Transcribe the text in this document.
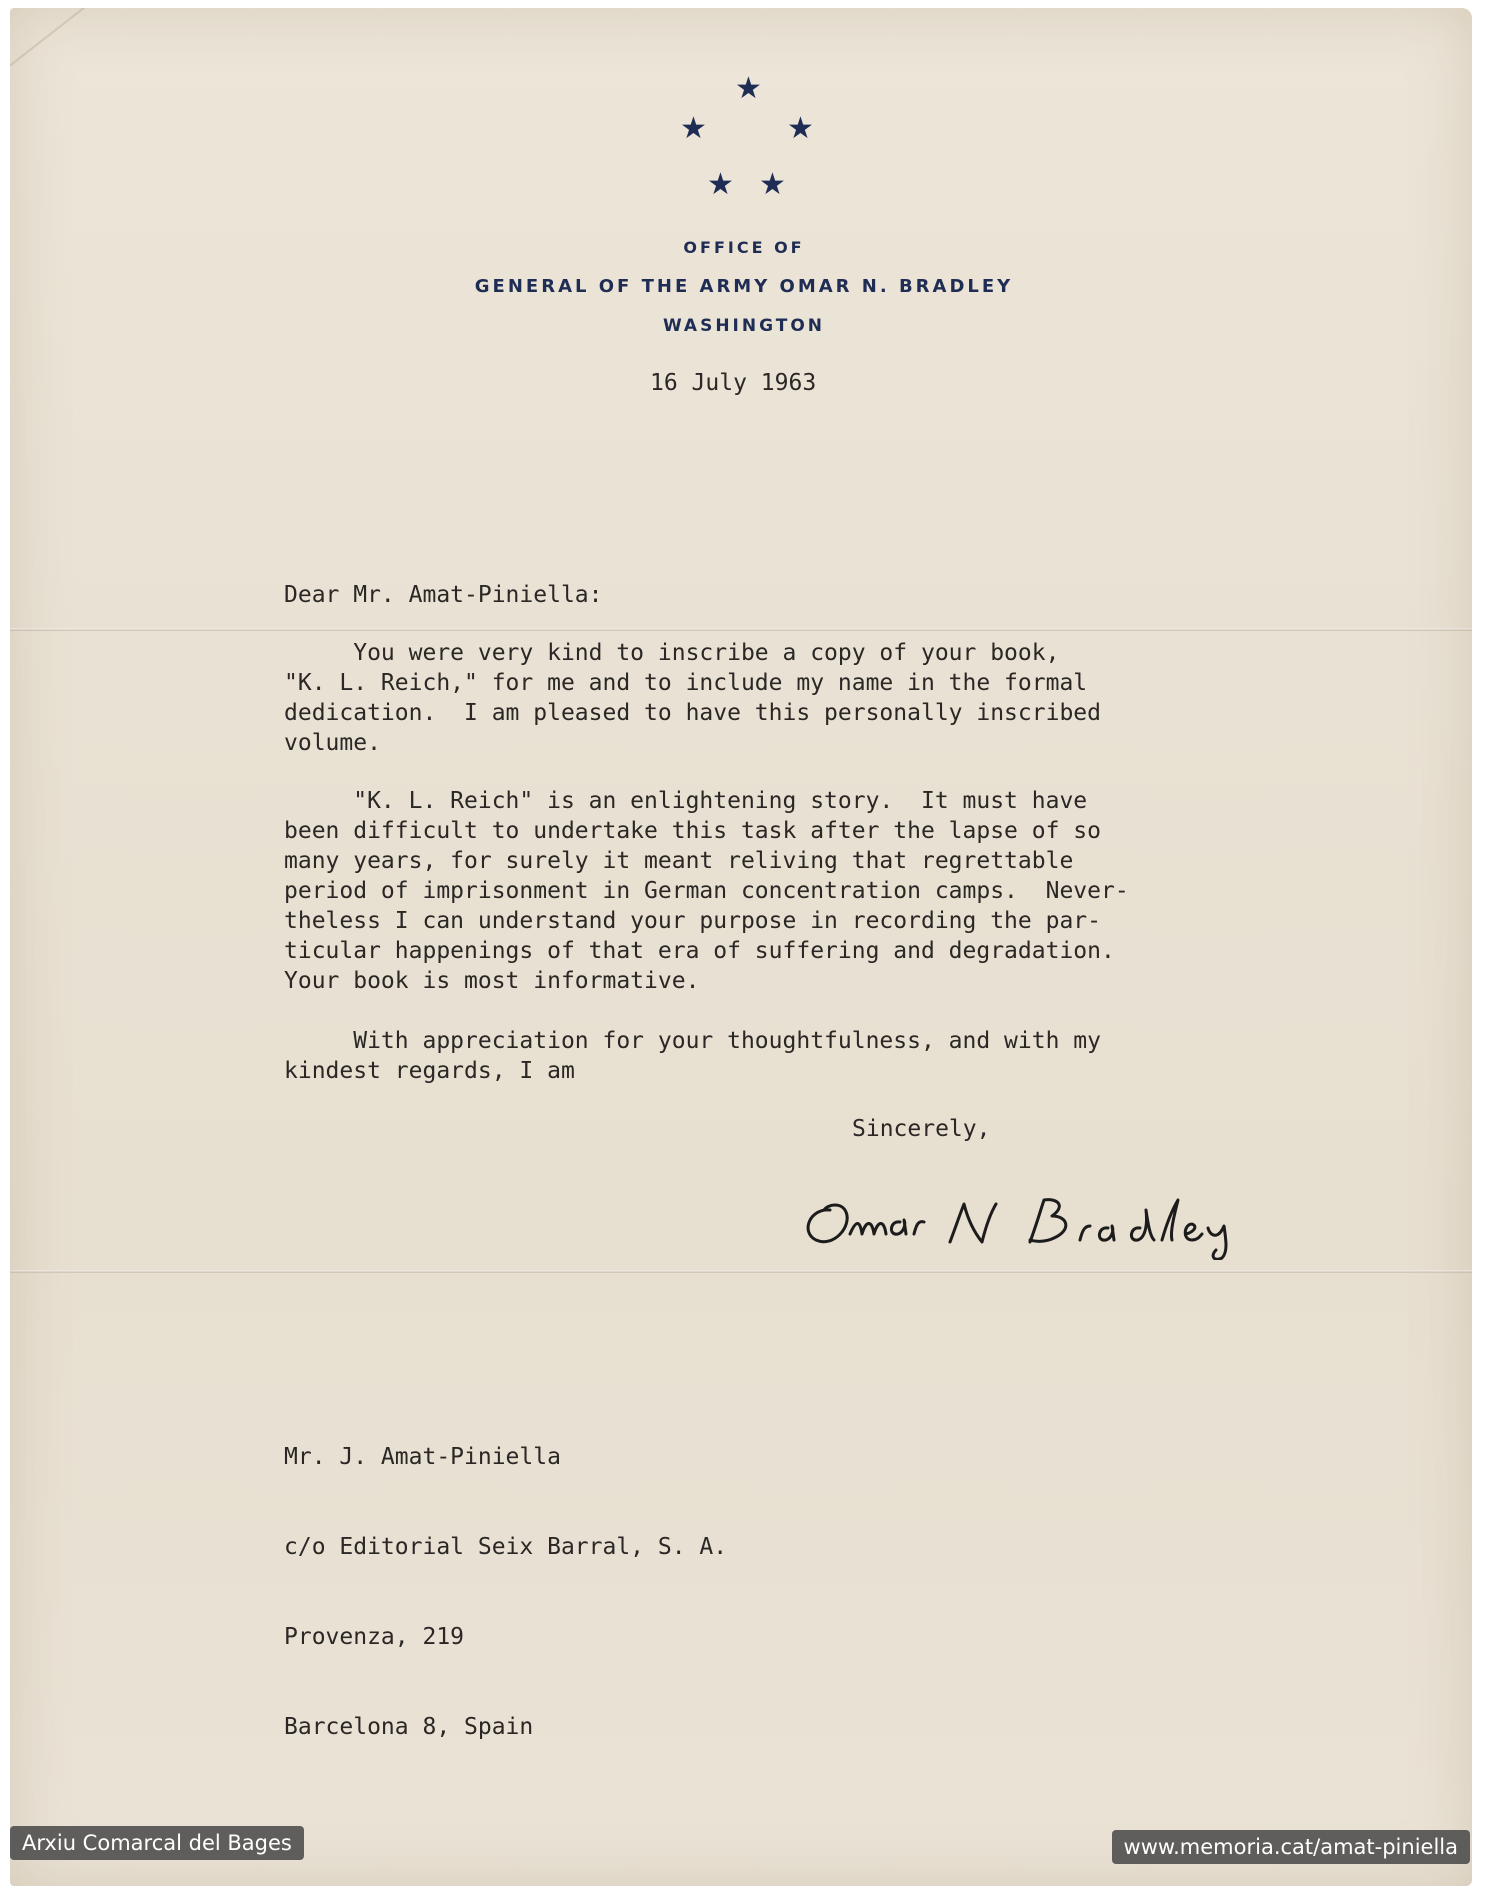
★
★	★
★ ★
OFFICE OF
GENERAL OF THE ARMY OMAR N. BRADLEY
WASHINGTON
16 July 1963
Dear Mr. Amat-Piniella:
You were very kind to inscribe a copy of your book,
"K. L. Reich," for me and to include my name in the formal
dedication.  I am pleased to have this personally inscribed
volume.
"K. L. Reich" is an enlightening story.  It must have
been difficult to undertake this task after the lapse of so
many years, for surely it meant reliving that regrettable
period of imprisonment in German concentration camps.  Never-
theless I can understand your purpose in recording the par-
ticular happenings of that era of suffering and degradation.
Your book is most informative.
With appreciation for your thoughtfulness, and with my
kindest regards, I am
Sincerely,

Mr. J. Amat-Piniella

c/o Editorial Seix Barral, S. A.

Provenza, 219

Barcelona 8, Spain

Arxiu Comarcal del Bages	www.memoria.cat/amat-piniella
